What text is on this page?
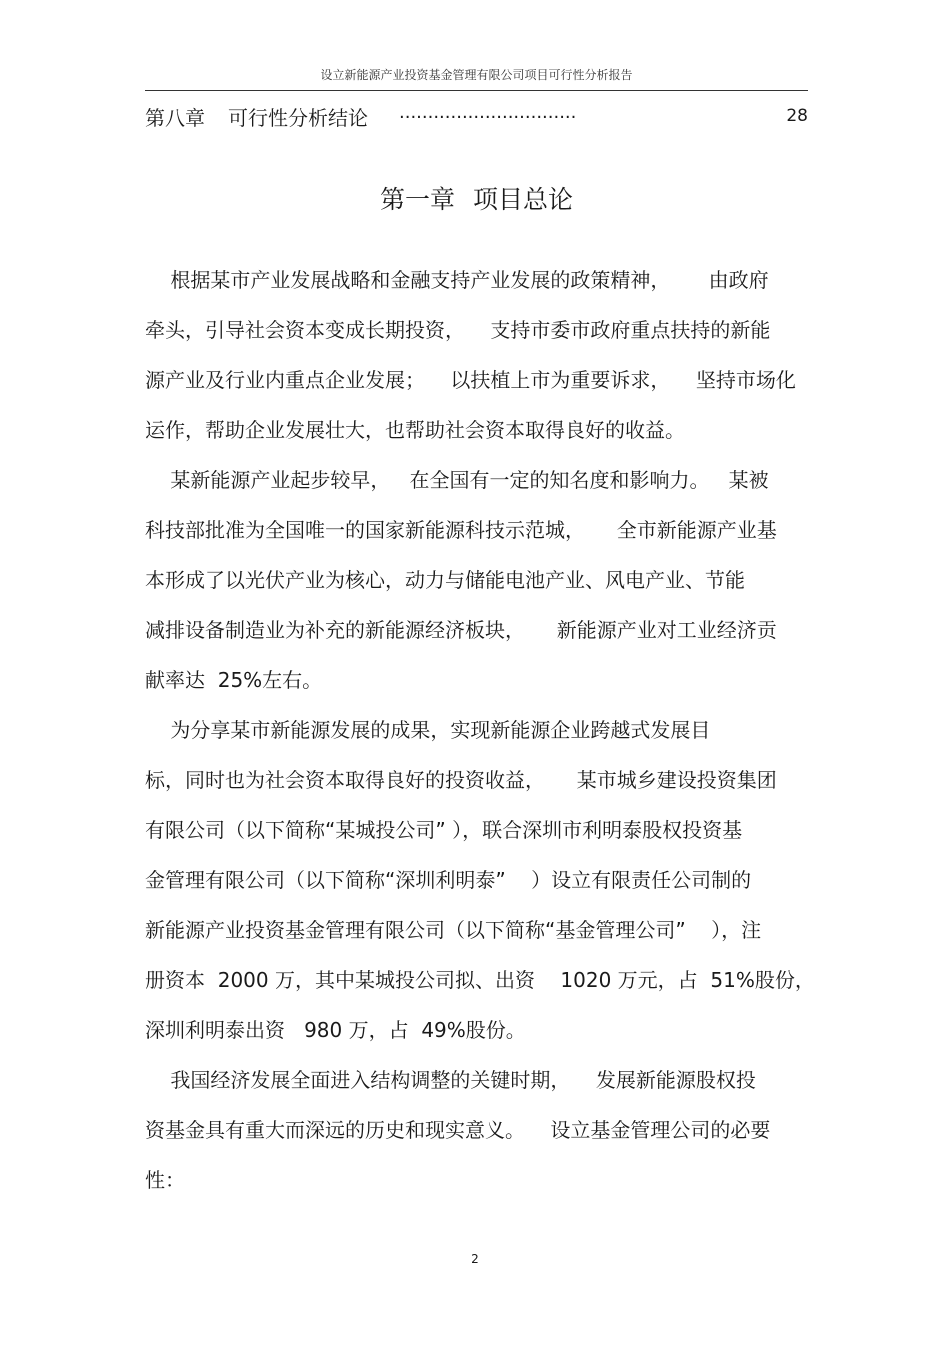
设立新能源产业投资基金管理有限公司项目可行性分析报告
第八章 可行性分析结论 ...............................	28
第一章 项目总论
根据某市产业发展战略和金融支持产业发展的政策精神，      由政府
牵头，引导社会资本变成长期投资，    支持市委市政府重点扶持的新能
源产业及行业内重点企业发展；    以扶植上市为重要诉求，    坚持市场化
运作，帮助企业发展壮大，也帮助社会资本取得良好的收益。
某新能源产业起步较早，   在全国有一定的知名度和影响力。   某被
科技部批准为全国唯一的国家新能源科技示范城，     全市新能源产业基
本形成了以光伏产业为核心，动力与储能电池产业、风电产业、节能
减排设备制造业为补充的新能源经济板块，     新能源产业对工业经济贡
献率达  25%左右。
为分享某市新能源发展的成果，实现新能源企业跨越式发展目
标，同时也为社会资本取得良好的投资收益，     某市城乡建设投资集团
有限公司（以下简称“某城投公司” ），联合深圳市利明泰股权投资基
金管理有限公司（以下简称“深圳利明泰”    ）设立有限责任公司制的
新能源产业投资基金管理有限公司（以下简称“基金管理公司”    ），注
册资本  2000 万，其中某城投公司拟、出资    1020 万元，占  51%股份，
深圳利明泰出资   980 万，占  49%股份。
我国经济发展全面进入结构调整的关键时期，    发展新能源股权投
资基金具有重大而深远的历史和现实意义。    设立基金管理公司的必要
性：
2
